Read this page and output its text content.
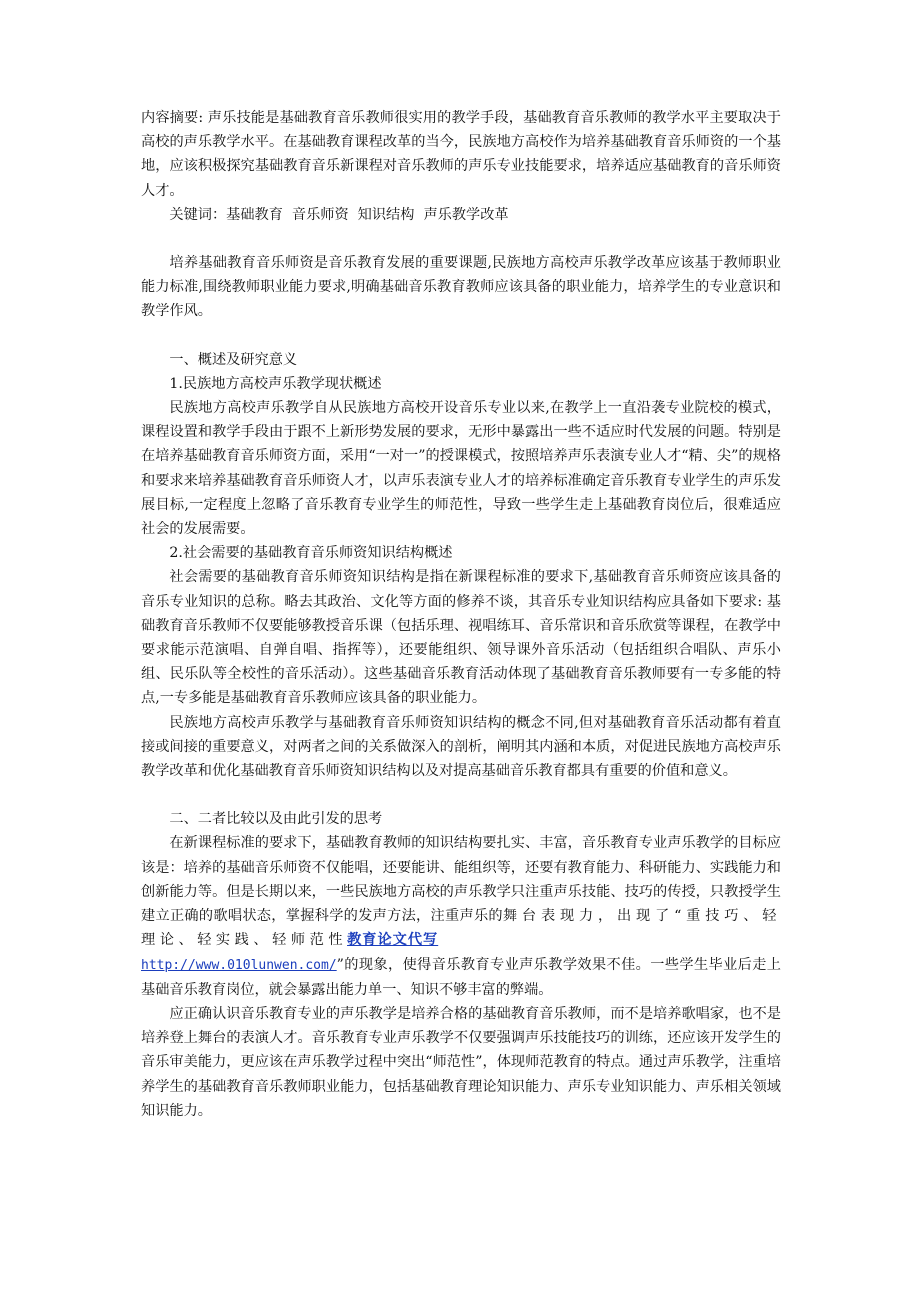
内容摘要: 声乐技能是基础教育音乐教师很实用的教学手段，基础教育音乐教师的教学水平主要取决于高校的声乐教学水平。在基础教育课程改革的当今，民族地方高校作为培养基础教育音乐师资的一个基地，应该积极探究基础教育音乐新课程对音乐教师的声乐专业技能要求，培养适应基础教育的音乐师资人才。

关键词：基础教育  音乐师资  知识结构  声乐教学改革

培养基础教育音乐师资是音乐教育发展的重要课题,民族地方高校声乐教学改革应该基于教师职业能力标准,围绕教师职业能力要求,明确基础音乐教育教师应该具备的职业能力，培养学生的专业意识和教学作风。

一、概述及研究意义

1.民族地方高校声乐教学现状概述

民族地方高校声乐教学自从民族地方高校开设音乐专业以来,在教学上一直沿袭专业院校的模式，课程设置和教学手段由于跟不上新形势发展的要求，无形中暴露出一些不适应时代发展的问题。特别是在培养基础教育音乐师资方面，采用“一对一”的授课模式，按照培养声乐表演专业人才“精、尖”的规格和要求来培养基础教育音乐师资人才，以声乐表演专业人才的培养标准确定音乐教育专业学生的声乐发展目标,一定程度上忽略了音乐教育专业学生的师范性，导致一些学生走上基础教育岗位后，很难适应社会的发展需要。

2.社会需要的基础教育音乐师资知识结构概述

社会需要的基础教育音乐师资知识结构是指在新课程标准的要求下,基础教育音乐师资应该具备的音乐专业知识的总称。略去其政治、文化等方面的修养不谈，其音乐专业知识结构应具备如下要求: 基础教育音乐教师不仅要能够教授音乐课（包括乐理、视唱练耳、音乐常识和音乐欣赏等课程，在教学中要求能示范演唱、自弹自唱、指挥等），还要能组织、领导课外音乐活动（包括组织合唱队、声乐小组、民乐队等全校性的音乐活动）。这些基础音乐教育活动体现了基础教育音乐教师要有一专多能的特点,一专多能是基础教育音乐教师应该具备的职业能力。

民族地方高校声乐教学与基础教育音乐师资知识结构的概念不同,但对基础教育音乐活动都有着直接或间接的重要意义，对两者之间的关系做深入的剖析，阐明其内涵和本质，对促进民族地方高校声乐教学改革和优化基础教育音乐师资知识结构以及对提高基础音乐教育都具有重要的价值和意义。

二、二者比较以及由此引发的思考

在新课程标准的要求下，基础教育教师的知识结构要扎实、丰富，音乐教育专业声乐教学的目标应该是：培养的基础音乐师资不仅能唱，还要能讲、能组织等，还要有教育能力、科研能力、实践能力和创新能力等。但是长期以来，一些民族地方高校的声乐教学只注重声乐技能、技巧的传授，只教授学生建立正确的歌唱状态，掌握科学的发声方法，注重声乐的舞台表现力，出现了“重技巧、轻理论、轻实践、轻师范性教育论文代写
http://www.010lunwen.com/”的现象，使得音乐教育专业声乐教学效果不佳。一些学生毕业后走上基础音乐教育岗位，就会暴露出能力单一、知识不够丰富的弊端。

应正确认识音乐教育专业的声乐教学是培养合格的基础教育音乐教师，而不是培养歌唱家，也不是培养登上舞台的表演人才。音乐教育专业声乐教学不仅要强调声乐技能技巧的训练，还应该开发学生的音乐审美能力，更应该在声乐教学过程中突出“师范性”，体现师范教育的特点。通过声乐教学，注重培养学生的基础教育音乐教师职业能力，包括基础教育理论知识能力、声乐专业知识能力、声乐相关领域知识能力。
